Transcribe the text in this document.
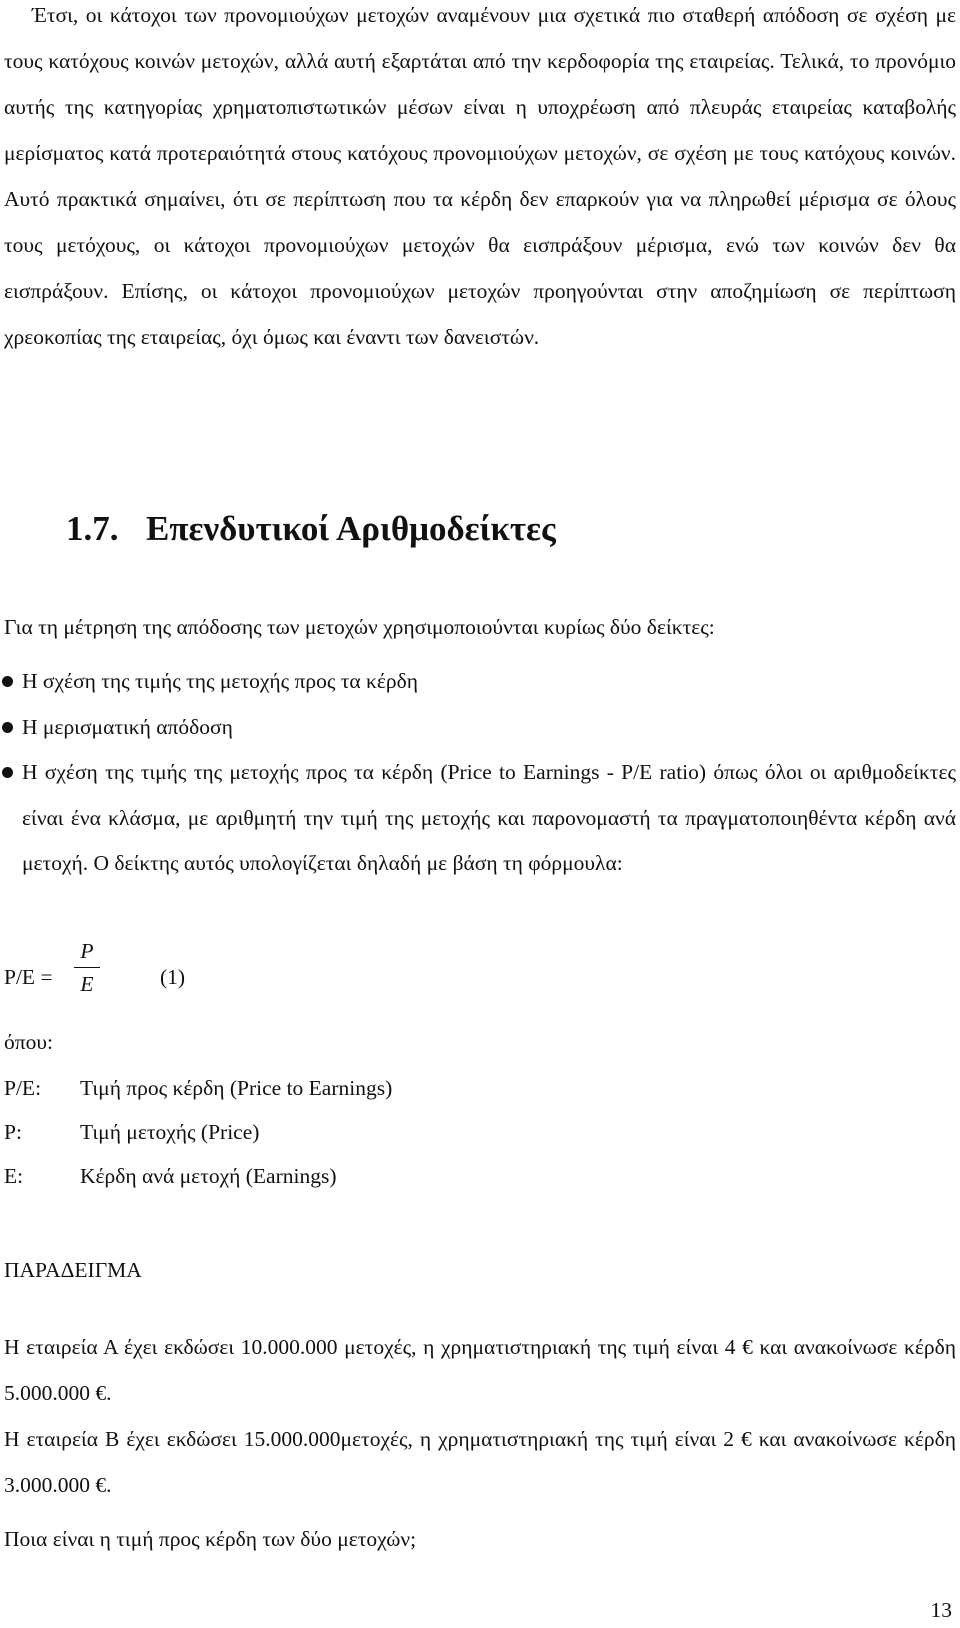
Έτσι, οι κάτοχοι των προνομιούχων μετοχών αναμένουν μια σχετικά πιο σταθερή απόδοση σε σχέση με τους κατόχους κοινών μετοχών, αλλά αυτή εξαρτάται από την κερδοφορία της εταιρείας. Τελικά, το προνόμιο αυτής της κατηγορίας χρηματοπιστωτικών μέσων είναι η υποχρέωση από πλευράς εταιρείας καταβολής μερίσματος κατά προτεραιότητά στους κατόχους προνομιούχων μετοχών, σε σχέση με τους κατόχους κοινών. Αυτό πρακτικά σημαίνει, ότι σε περίπτωση που τα κέρδη δεν επαρκούν για να πληρωθεί μέρισμα σε όλους τους μετόχους, οι κάτοχοι προνομιούχων μετοχών θα εισπράξουν μέρισμα, ενώ των κοινών δεν θα εισπράξουν. Επίσης, οι κάτοχοι προνομιούχων μετοχών προηγούνται στην αποζημίωση σε περίπτωση χρεοκοπίας της εταιρείας, όχι όμως και έναντι των δανειστών.

1.7. Επενδυτικοί Αριθμοδείκτες

Για τη μέτρηση της απόδοσης των μετοχών χρησιμοποιούνται κυρίως δύο δείκτες:

Η σχέση της τιμής της μετοχής προς τα κέρδη
Η μερισματική απόδοση
Η σχέση της τιμής της μετοχής προς τα κέρδη (Price to Earnings - P/E ratio) όπως όλοι οι αριθμοδείκτες είναι ένα κλάσμα, με αριθμητή την τιμή της μετοχής και παρονομαστή τα πραγματοποιηθέντα κέρδη ανά μετοχή. Ο δείκτης αυτός υπολογίζεται δηλαδή με βάση τη φόρμουλα:
P/E =
P
E	(1)

όπου:

P/E:	Τιμή προς κέρδη (Price to Earnings)
P:	Τιμή μετοχής (Price)
E:	Κέρδη ανά μετοχή (Earnings)

ΠΑΡΑΔΕΙΓΜΑ

Η εταιρεία Α έχει εκδώσει 10.000.000 μετοχές, η χρηματιστηριακή της τιμή είναι 4 € και ανακοίνωσε κέρδη 5.000.000 €.

Η εταιρεία Β έχει εκδώσει 15.000.000μετοχές, η χρηματιστηριακή της τιμή είναι 2 € και ανακοίνωσε κέρδη 3.000.000 €.

Ποια είναι η τιμή προς κέρδη των δύο μετοχών;

13
